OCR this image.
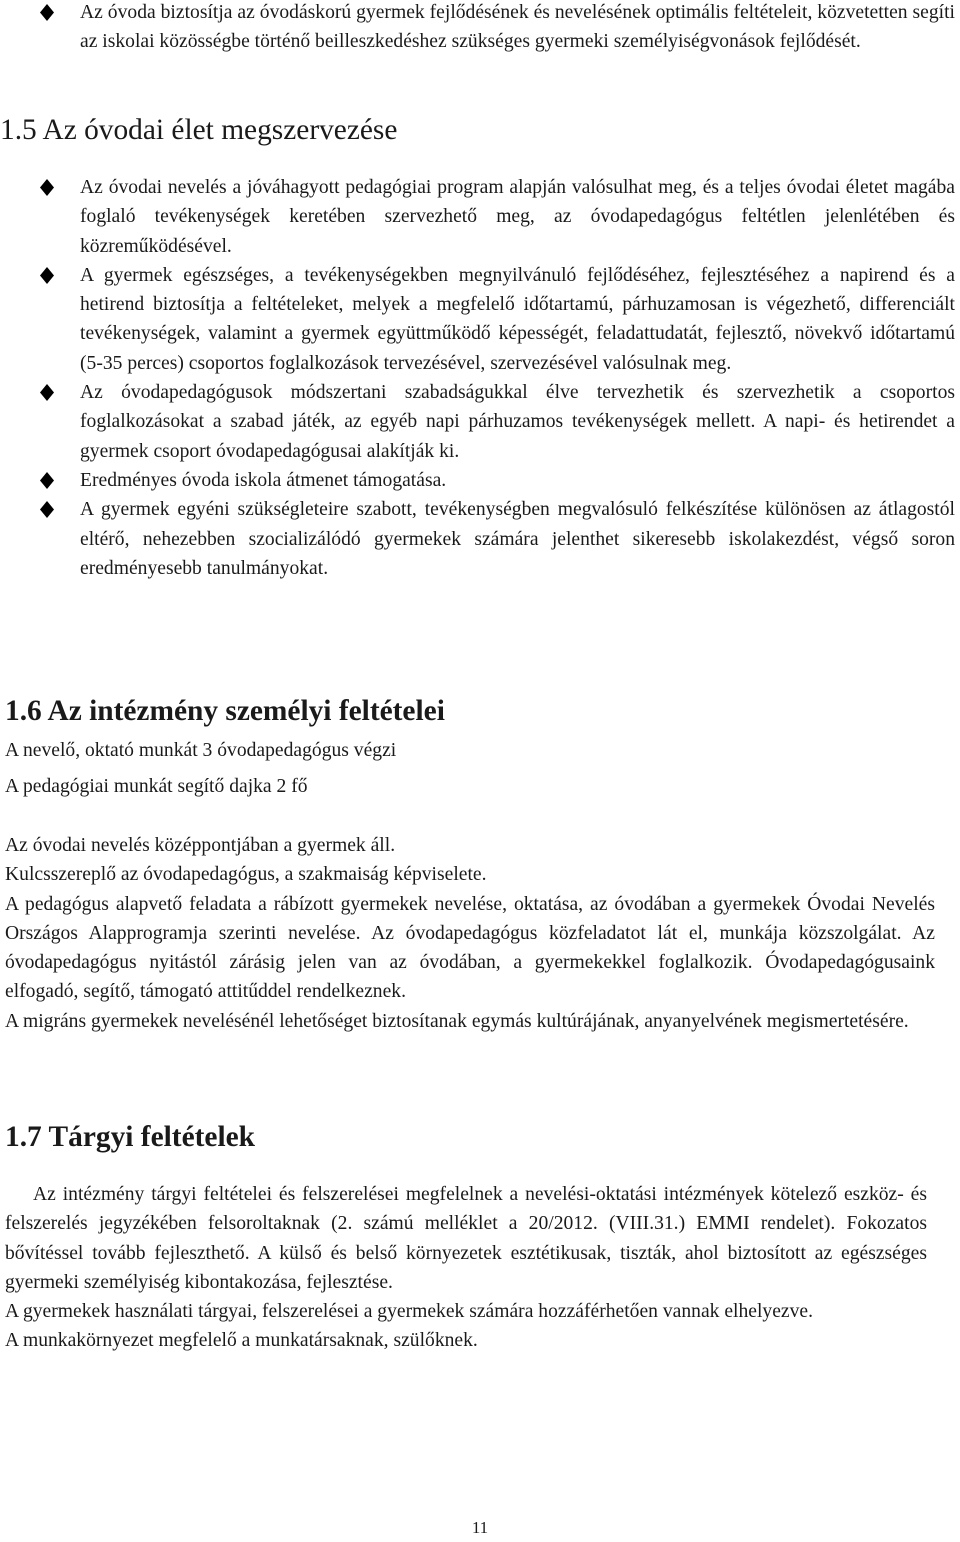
Az óvoda biztosítja az óvodáskorú gyermek fejlődésének és nevelésének optimális feltételeit, közvetetten segíti az iskolai közösségbe történő beilleszkedéshez szükséges gyermeki személyiségvonások fejlődését.

1.5 Az óvodai élet megszervezése

Az óvodai nevelés a jóváhagyott pedagógiai program alapján valósulhat meg, és a teljes óvodai életet magába foglaló tevékenységek keretében szervezhető meg, az óvodapedagógus feltétlen jelenlétében és közreműködésével.

A gyermek egészséges, a tevékenységekben megnyilvánuló fejlődéséhez, fejlesztéséhez a napirend és a hetirend biztosítja a feltételeket, melyek a megfelelő időtartamú, párhuzamosan is végezhető, differenciált tevékenységek, valamint a gyermek együttműködő képességét, feladattudatát, fejlesztő, növekvő időtartamú (5-35 perces) csoportos foglalkozások tervezésével, szervezésével valósulnak meg.

Az óvodapedagógusok módszertani szabadságukkal élve tervezhetik és szervezhetik a csoportos foglalkozásokat a szabad játék, az egyéb napi párhuzamos tevékenységek mellett. A napi- és hetirendet a gyermek csoport óvodapedagógusai alakítják ki.

Eredményes óvoda iskola átmenet támogatása.

A gyermek egyéni szükségleteire szabott, tevékenységben megvalósuló felkészítése különösen az átlagostól eltérő, nehezebben szocializálódó gyermekek számára jelenthet sikeresebb iskolakezdést, végső soron eredményesebb tanulmányokat.

1.6 Az intézmény személyi feltételei

A nevelő, oktató munkát 3 óvodapedagógus végzi

A pedagógiai munkát segítő dajka 2 fő

Az óvodai nevelés középpontjában a gyermek áll.

Kulcsszereplő az óvodapedagógus, a szakmaiság képviselete.

A pedagógus alapvető feladata a rábízott gyermekek nevelése, oktatása, az óvodában a gyermekek Óvodai Nevelés Országos Alapprogramja szerinti nevelése. Az óvodapedagógus közfeladatot lát el, munkája közszolgálat. Az óvodapedagógus nyitástól zárásig jelen van az óvodában, a gyermekekkel foglalkozik. Óvodapedagógusaink elfogadó, segítő, támogató attitűddel rendelkeznek.

A migráns gyermekek nevelésénél lehetőséget biztosítanak egymás kultúrájának, anyanyelvének megismertetésére.

1.7 Tárgyi feltételek

Az intézmény tárgyi feltételei és felszerelései megfelelnek a nevelési-oktatási intézmények kötelező eszköz- és felszerelés jegyzékében felsoroltaknak (2. számú melléklet a 20/2012. (VIII.31.) EMMI rendelet). Fokozatos bővítéssel tovább fejleszthető. A külső és belső környezetek esztétikusak, tiszták, ahol biztosított az egészséges gyermeki személyiség kibontakozása, fejlesztése.

A gyermekek használati tárgyai, felszerelései a gyermekek számára hozzáférhetően vannak elhelyezve.

A munkakörnyezet megfelelő a munkatársaknak, szülőknek.

11
